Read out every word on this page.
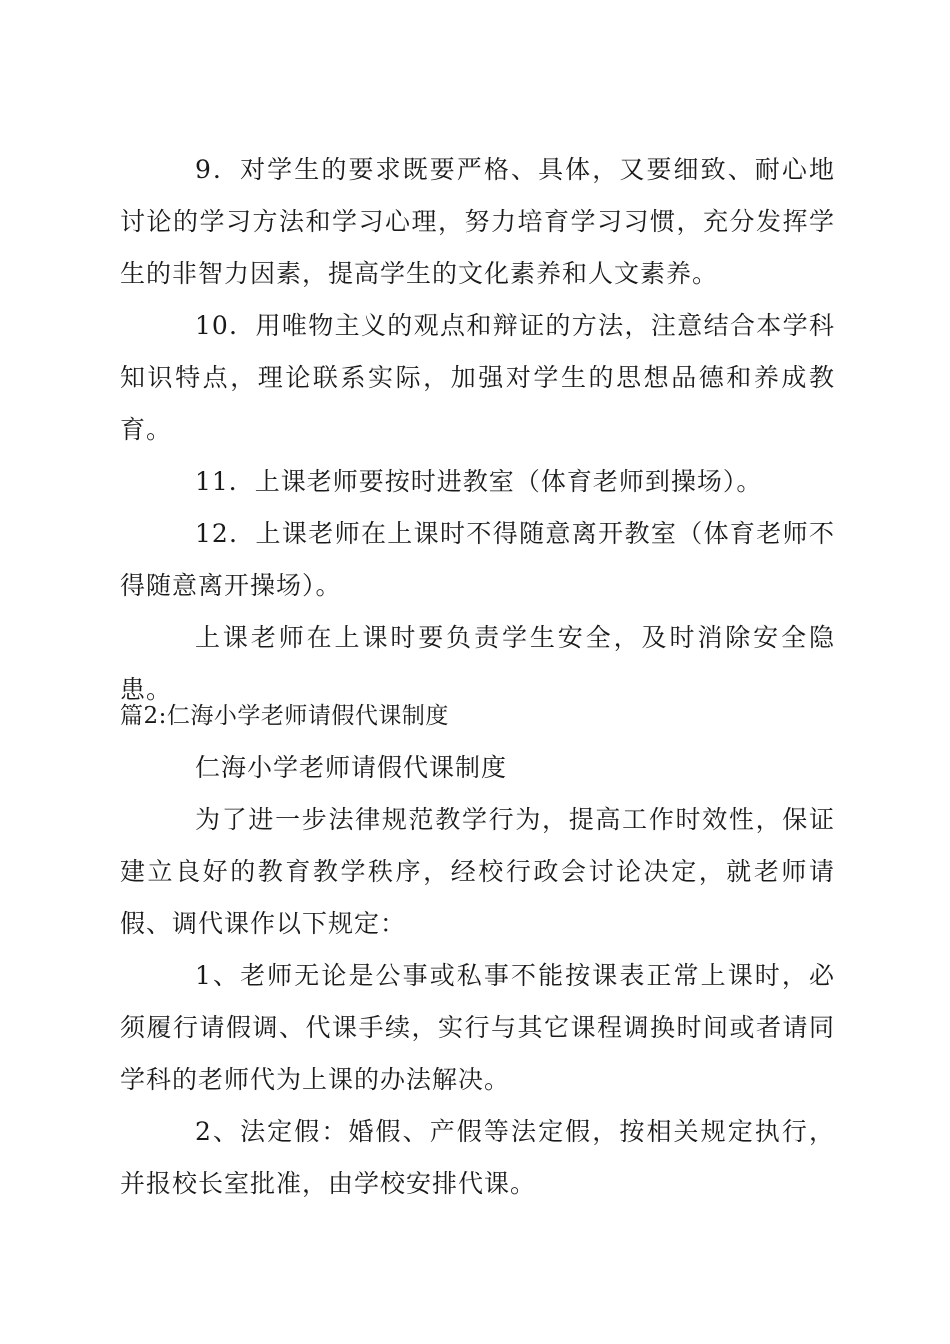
9．对学生的要求既要严格、具体，又要细致、耐心地讨论的学习方法和学习心理，努力培育学习习惯，充分发挥学生的非智力因素，提高学生的文化素养和人文素养。

10．用唯物主义的观点和辩证的方法，注意结合本学科知识特点，理论联系实际，加强对学生的思想品德和养成教育。

11．上课老师要按时进教室（体育老师到操场）。

12．上课老师在上课时不得随意离开教室（体育老师不得随意离开操场）。

上课老师在上课时要负责学生安全，及时消除安全隐患。

篇2:仁海小学老师请假代课制度

仁海小学老师请假代课制度

为了进一步法律规范教学行为，提高工作时效性，保证建立良好的教育教学秩序，经校行政会讨论决定，就老师请假、调代课作以下规定：

1、老师无论是公事或私事不能按课表正常上课时，必须履行请假调、代课手续，实行与其它课程调换时间或者请同学科的老师代为上课的办法解决。

2、法定假：婚假、产假等法定假，按相关规定执行，并报校长室批准，由学校安排代课。
